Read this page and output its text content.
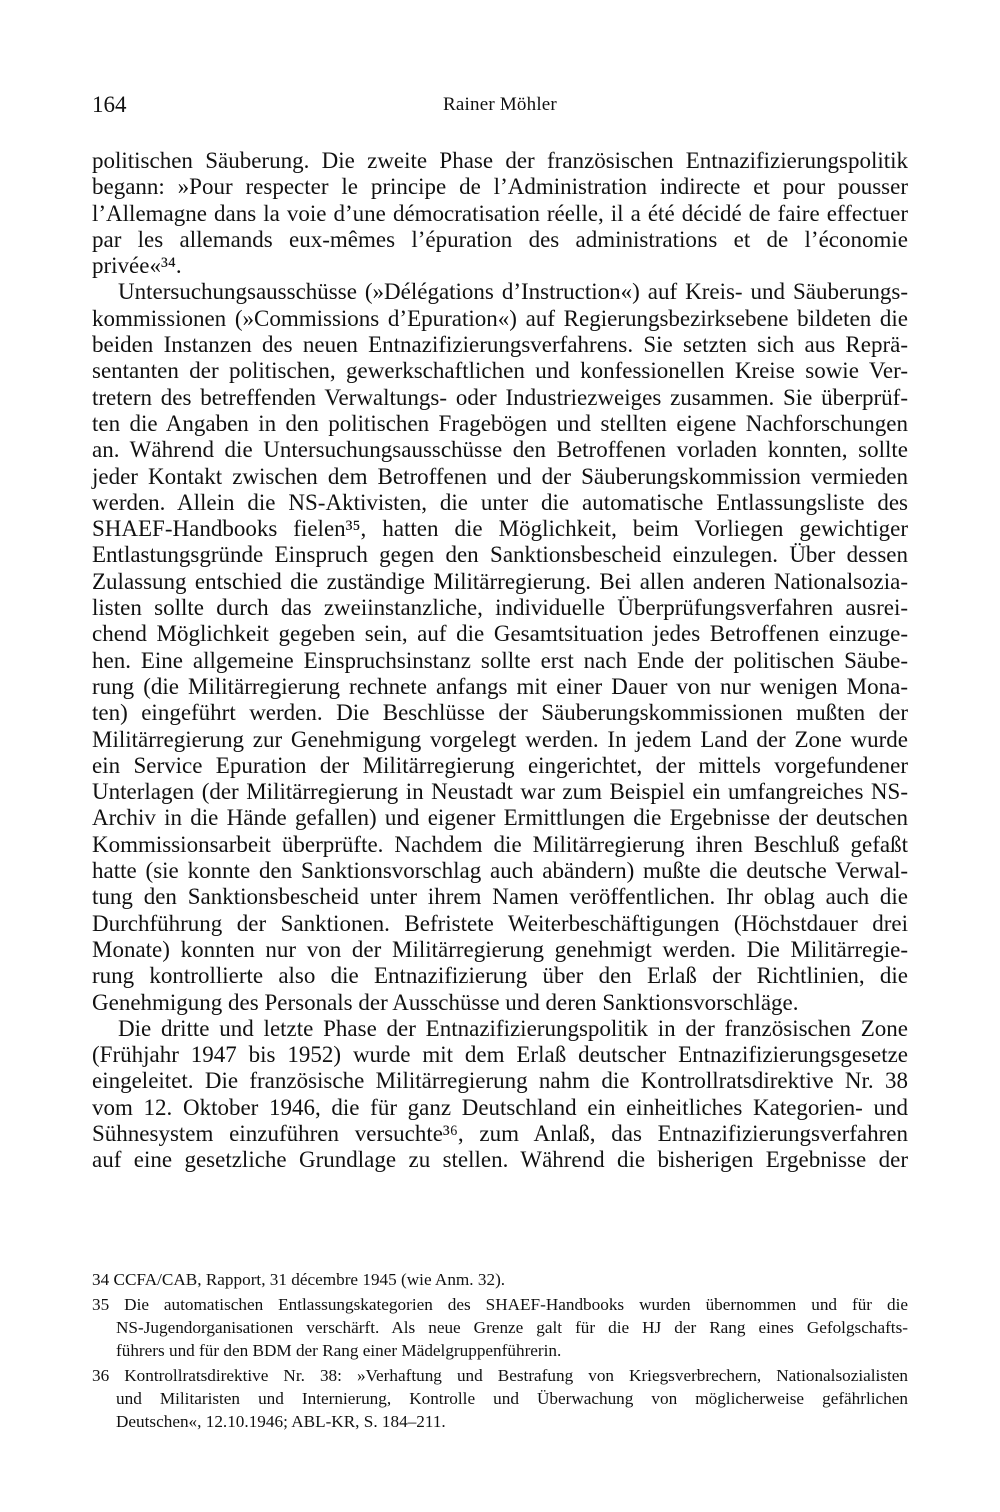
164	Rainer Möhler
politischen Säuberung. Die zweite Phase der französischen Entnazifizierungspolitik
begann: »Pour respecter le principe de l’Administration indirecte et pour pousser
l’Allemagne dans la voie d’une démocratisation réelle, il a été décidé de faire effectuer
par les allemands eux-mêmes l’épuration des administrations et de l’économie
privée«³⁴.
Untersuchungsausschüsse (»Délégations d’Instruction«) auf Kreis- und Säuberungs-
kommissionen (»Commissions d’Epuration«) auf Regierungsbezirksebene bildeten die
beiden Instanzen des neuen Entnazifizierungsverfahrens. Sie setzten sich aus Reprä-
sentanten der politischen, gewerkschaftlichen und konfessionellen Kreise sowie Ver-
tretern des betreffenden Verwaltungs- oder Industriezweiges zusammen. Sie überprüf-
ten die Angaben in den politischen Fragebögen und stellten eigene Nachforschungen
an. Während die Untersuchungsausschüsse den Betroffenen vorladen konnten, sollte
jeder Kontakt zwischen dem Betroffenen und der Säuberungskommission vermieden
werden. Allein die NS-Aktivisten, die unter die automatische Entlassungsliste des
SHAEF-Handbooks fielen³⁵, hatten die Möglichkeit, beim Vorliegen gewichtiger
Entlastungsgründe Einspruch gegen den Sanktionsbescheid einzulegen. Über dessen
Zulassung entschied die zuständige Militärregierung. Bei allen anderen Nationalsozia-
listen sollte durch das zweiinstanzliche, individuelle Überprüfungsverfahren ausrei-
chend Möglichkeit gegeben sein, auf die Gesamtsituation jedes Betroffenen einzuge-
hen. Eine allgemeine Einspruchsinstanz sollte erst nach Ende der politischen Säube-
rung (die Militärregierung rechnete anfangs mit einer Dauer von nur wenigen Mona-
ten) eingeführt werden. Die Beschlüsse der Säuberungskommissionen mußten der
Militärregierung zur Genehmigung vorgelegt werden. In jedem Land der Zone wurde
ein Service Epuration der Militärregierung eingerichtet, der mittels vorgefundener
Unterlagen (der Militärregierung in Neustadt war zum Beispiel ein umfangreiches NS-
Archiv in die Hände gefallen) und eigener Ermittlungen die Ergebnisse der deutschen
Kommissionsarbeit überprüfte. Nachdem die Militärregierung ihren Beschluß gefaßt
hatte (sie konnte den Sanktionsvorschlag auch abändern) mußte die deutsche Verwal-
tung den Sanktionsbescheid unter ihrem Namen veröffentlichen. Ihr oblag auch die
Durchführung der Sanktionen. Befristete Weiterbeschäftigungen (Höchstdauer drei
Monate) konnten nur von der Militärregierung genehmigt werden. Die Militärregie-
rung kontrollierte also die Entnazifizierung über den Erlaß der Richtlinien, die
Genehmigung des Personals der Ausschüsse und deren Sanktionsvorschläge.
Die dritte und letzte Phase der Entnazifizierungspolitik in der französischen Zone
(Frühjahr 1947 bis 1952) wurde mit dem Erlaß deutscher Entnazifizierungsgesetze
eingeleitet. Die französische Militärregierung nahm die Kontrollratsdirektive Nr. 38
vom 12. Oktober 1946, die für ganz Deutschland ein einheitliches Kategorien- und
Sühnesystem einzuführen versuchte³⁶, zum Anlaß, das Entnazifizierungsverfahren
auf eine gesetzliche Grundlage zu stellen. Während die bisherigen Ergebnisse der
34 CCFA/CAB, Rapport, 31 décembre 1945 (wie Anm. 32).
35 Die automatischen Entlassungskategorien des SHAEF-Handbooks wurden übernommen und für die
NS-Jugendorganisationen verschärft. Als neue Grenze galt für die HJ der Rang eines Gefolgschafts-
führers und für den BDM der Rang einer Mädelgruppenführerin.
36 Kontrollratsdirektive Nr. 38: »Verhaftung und Bestrafung von Kriegsverbrechern, Nationalsozialisten
und Militaristen und Internierung, Kontrolle und Überwachung von möglicherweise gefährlichen
Deutschen«, 12.10.1946; ABL-KR, S. 184–211.
